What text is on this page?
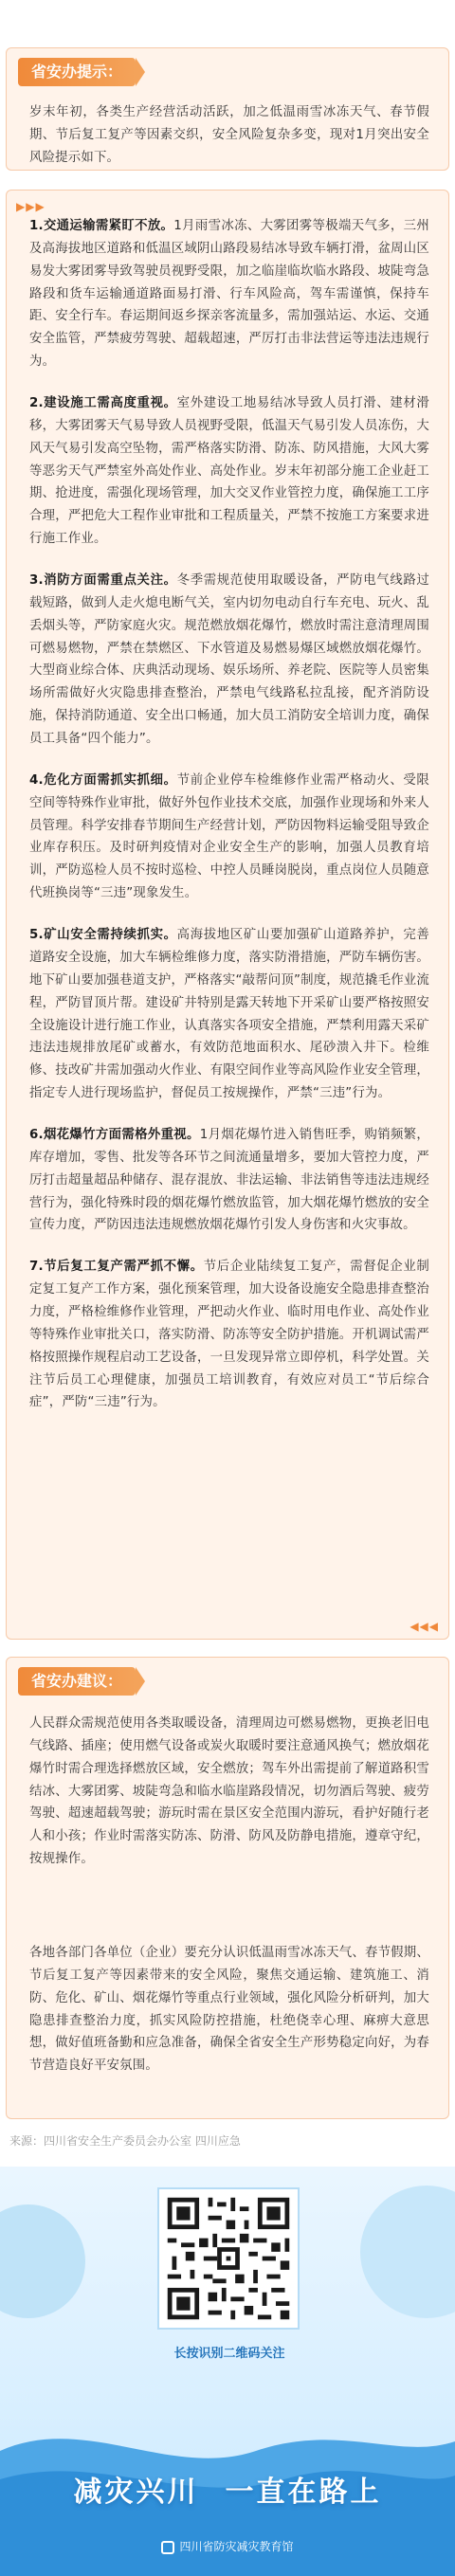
省安办提示：

岁末年初，各类生产经营活动活跃，加之低温雨雪冰冻天气、春节假期、节后复工复产等因素交织，安全风险复杂多变，现对1月突出安全风险提示如下。

▶▶▶

1.交通运输需紧盯不放。1月雨雪冰冻、大雾团雾等极端天气多，三州及高海拔地区道路和低温区域阴山路段易结冰导致车辆打滑，盆周山区易发大雾团雾导致驾驶员视野受限，加之临崖临坎临水路段、坡陡弯急路段和货车运输通道路面易打滑、行车风险高，驾车需谨慎，保持车距、安全行车。春运期间返乡探亲客流量多，需加强站运、水运、交通安全监管，严禁疲劳驾驶、超载超速，严厉打击非法营运等违法违规行为。

2.建设施工需高度重视。室外建设工地易结冰导致人员打滑、建材滑移，大雾团雾天气易导致人员视野受限，低温天气易引发人员冻伤，大风天气易引发高空坠物，需严格落实防滑、防冻、防风措施，大风大雾等恶劣天气严禁室外高处作业、高处作业。岁末年初部分施工企业赶工期、抢进度，需强化现场管理，加大交叉作业管控力度，确保施工工序合理，严把危大工程作业审批和工程质量关，严禁不按施工方案要求进行施工作业。

3.消防方面需重点关注。冬季需规范使用取暖设备，严防电气线路过载短路，做到人走火熄电断气关，室内切勿电动自行车充电、玩火、乱丢烟头等，严防家庭火灾。规范燃放烟花爆竹，燃放时需注意清理周围可燃易燃物，严禁在禁燃区、下水管道及易燃易爆区域燃放烟花爆竹。大型商业综合体、庆典活动现场、娱乐场所、养老院、医院等人员密集场所需做好火灾隐患排查整治，严禁电气线路私拉乱接，配齐消防设施，保持消防通道、安全出口畅通，加大员工消防安全培训力度，确保员工具备“四个能力”。

4.危化方面需抓实抓细。节前企业停车检维修作业需严格动火、受限空间等特殊作业审批，做好外包作业技术交底，加强作业现场和外来人员管理。科学安排春节期间生产经营计划，严防因物料运输受阻导致企业库存积压。及时研判疫情对企业安全生产的影响，加强人员教育培训，严防巡检人员不按时巡检、中控人员睡岗脱岗，重点岗位人员随意代班换岗等“三违”现象发生。

5.矿山安全需持续抓实。高海拔地区矿山要加强矿山道路养护，完善道路安全设施，加大车辆检维修力度，落实防滑措施，严防车辆伤害。地下矿山要加强巷道支护，严格落实“敲帮问顶”制度，规范撬毛作业流程，严防冒顶片帮。建设矿井特别是露天转地下开采矿山要严格按照安全设施设计进行施工作业，认真落实各项安全措施，严禁利用露天采矿违法违规排放尾矿或蓄水，有效防范地面积水、尾砂溃入井下。检维修、技改矿井需加强动火作业、有限空间作业等高风险作业安全管理，指定专人进行现场监护，督促员工按规操作，严禁“三违”行为。

6.烟花爆竹方面需格外重视。1月烟花爆竹进入销售旺季，购销频繁，库存增加，零售、批发等各环节之间流通量增多，要加大管控力度，严厉打击超量超品种储存、混存混放、非法运输、非法销售等违法违规经营行为，强化特殊时段的烟花爆竹燃放监管，加大烟花爆竹燃放的安全宣传力度，严防因违法违规燃放烟花爆竹引发人身伤害和火灾事故。

7.节后复工复产需严抓不懈。节后企业陆续复工复产，需督促企业制定复工复产工作方案，强化预案管理，加大设备设施安全隐患排查整治力度，严格检维修作业管理，严把动火作业、临时用电作业、高处作业等特殊作业审批关口，落实防滑、防冻等安全防护措施。开机调试需严格按照操作规程启动工艺设备，一旦发现异常立即停机，科学处置。关注节后员工心理健康，加强员工培训教育，有效应对员工“节后综合症”，严防“三违”行为。

◀◀◀
省安办建议：

人民群众需规范使用各类取暖设备，清理周边可燃易燃物，更换老旧电气线路、插座；使用燃气设备或炭火取暖时要注意通风换气；燃放烟花爆竹时需合理选择燃放区域，安全燃放；驾车外出需提前了解道路积雪结冰、大雾团雾、坡陡弯急和临水临崖路段情况，切勿酒后驾驶、疲劳驾驶、超速超载驾驶；游玩时需在景区安全范围内游玩，看护好随行老人和小孩；作业时需落实防冻、防滑、防风及防静电措施，遵章守纪，按规操作。

各地各部门各单位（企业）要充分认识低温雨雪冰冻天气、春节假期、节后复工复产等因素带来的安全风险，聚焦交通运输、建筑施工、消防、危化、矿山、烟花爆竹等重点行业领域，强化风险分析研判，加大隐患排查整治力度，抓实风险防控措施，杜绝侥幸心理、麻痹大意思想，做好值班备勤和应急准备，确保全省安全生产形势稳定向好，为春节营造良好平安氛围。

来源：四川省安全生产委员会办公室 四川应急
长按识别二维码关注
减灾兴川 一直在路上
四川省防灾减灾教育馆
